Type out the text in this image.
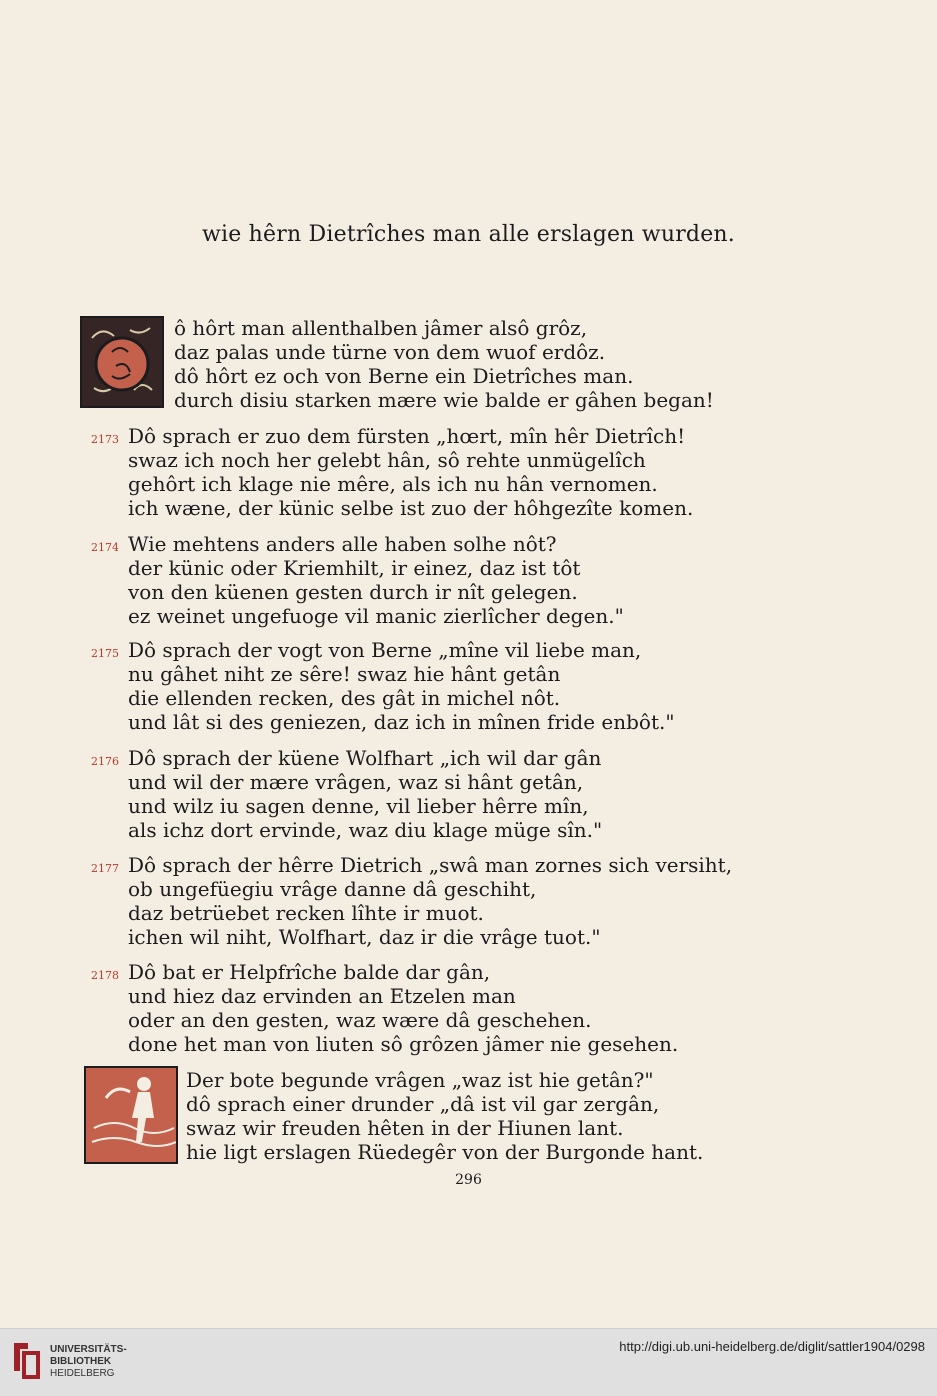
wie hêrn Dietrîches man alle erslagen wurden.
ô hôrt man allenthalben jâmer alsô grôz,
daz palas unde türne von dem wuof erdôz.
dô hôrt ez och von Berne ein Dietrîches man.
durch disiu starken mære wie balde er gâhen began!
Dô sprach er zuo dem fürsten „hœrt, mîn hêr Dietrîch!
swaz ich noch her gelebt hân, sô rehte unmügelîch
gehôrt ich klage nie mêre, als ich nu hân vernomen.
ich wæne, der künic selbe ist zuo der hôhgezîte komen.
2173
Wie mehtens anders alle haben solhe nôt?
der künic oder Kriemhilt, ir einez, daz ist tôt
von den küenen gesten durch ir nît gelegen.
ez weinet ungefuoge vil manic zierlîcher degen."
2174
Dô sprach der vogt von Berne „mîne vil liebe man,
nu gâhet niht ze sêre! swaz hie hânt getân
die ellenden recken, des gât in michel nôt.
und lât si des geniezen, daz ich in mînen fride enbôt."
2175
Dô sprach der küene Wolfhart „ich wil dar gân
und wil der mære vrâgen, waz si hânt getân,
und wilz iu sagen denne, vil lieber hêrre mîn,
als ichz dort ervinde, waz diu klage müge sîn."
2176
Dô sprach der hêrre Dietrich „swâ man zornes sich versiht,
ob ungefüegiu vrâge danne dâ geschiht,
daz betrüebet recken lîhte ir muot.
ichen wil niht, Wolfhart, daz ir die vrâge tuot."
2177
Dô bat er Helpfrîche balde dar gân,
und hiez daz ervinden an Etzelen man
oder an den gesten, waz wære dâ geschehen.
done het man von liuten sô grôzen jâmer nie gesehen.
2178
Der bote begunde vrâgen „waz ist hie getân?"
dô sprach einer drunder „dâ ist vil gar zergân,
swaz wir freuden hêten in der Hiunen lant.
hie ligt erslagen Rüedegêr von der Burgonde hant.
296
UNIVERSITÄTS-
BIBLIOTHEK
HEIDELBERG
http://digi.ub.uni-heidelberg.de/diglit/sattler1904/0298
